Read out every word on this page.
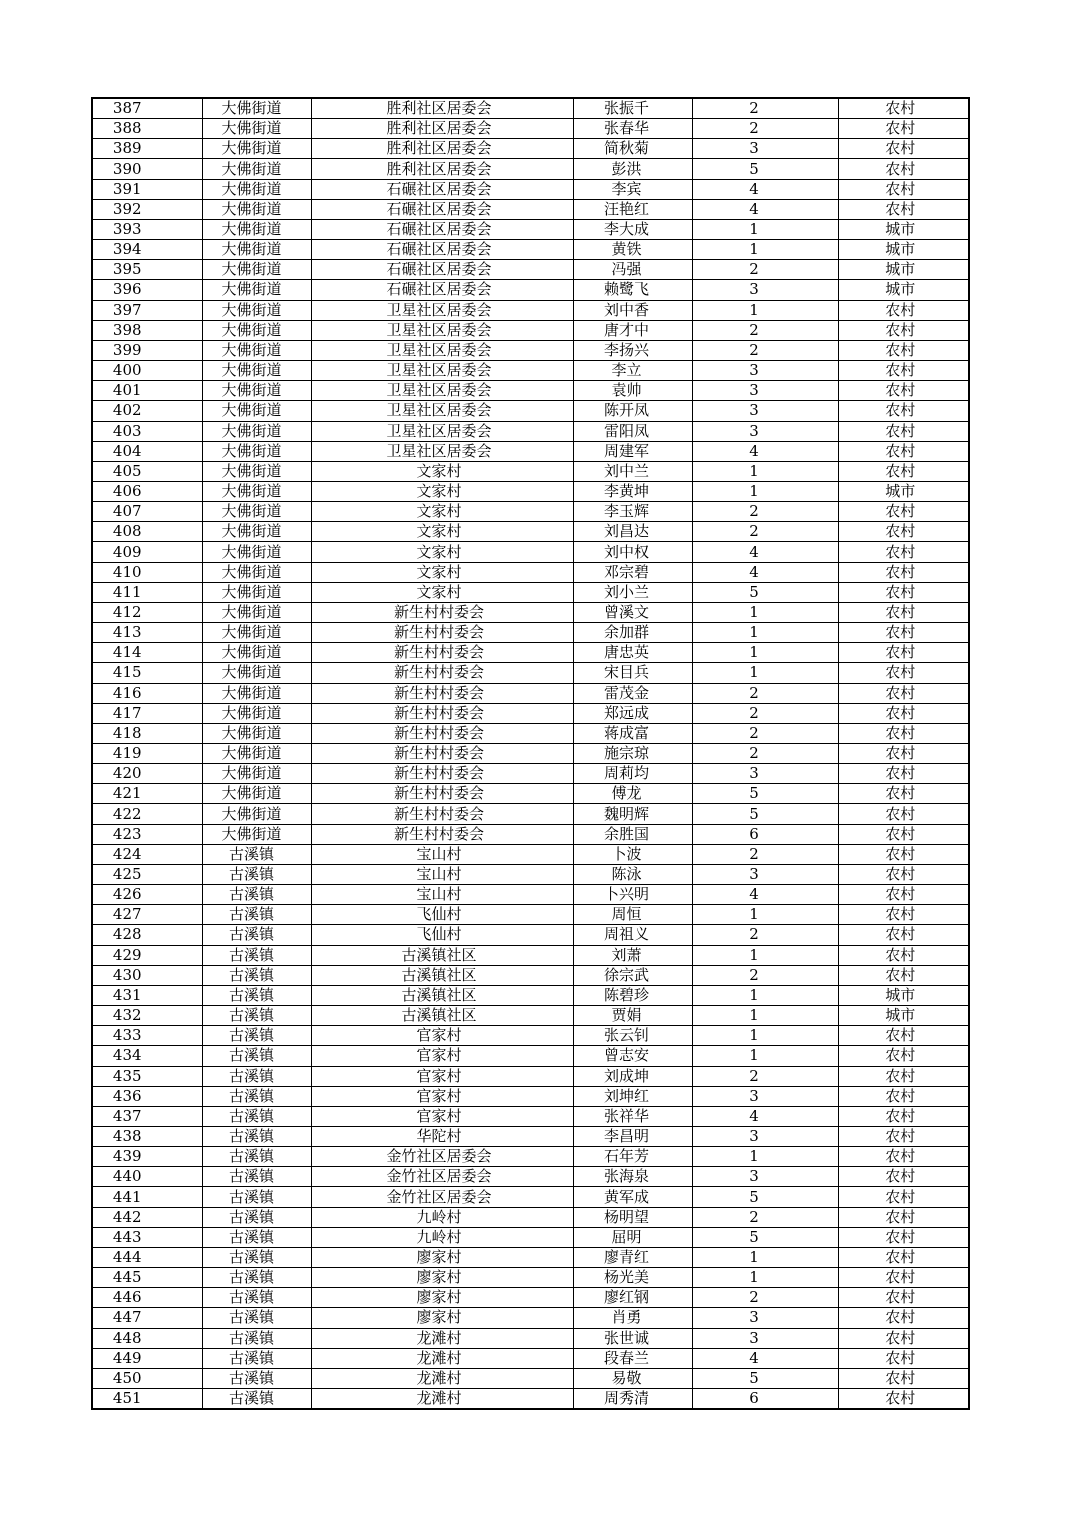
387	大佛街道	胜利社区居委会	张振千	2	农村
388	大佛街道	胜利社区居委会	张春华	2	农村
389	大佛街道	胜利社区居委会	简秋菊	3	农村
390	大佛街道	胜利社区居委会	彭洪	5	农村
391	大佛街道	石碾社区居委会	李宾	4	农村
392	大佛街道	石碾社区居委会	汪艳红	4	农村
393	大佛街道	石碾社区居委会	李大成	1	城市
394	大佛街道	石碾社区居委会	黄铁	1	城市
395	大佛街道	石碾社区居委会	冯强	2	城市
396	大佛街道	石碾社区居委会	赖鹭飞	3	城市
397	大佛街道	卫星社区居委会	刘中香	1	农村
398	大佛街道	卫星社区居委会	唐才中	2	农村
399	大佛街道	卫星社区居委会	李扬兴	2	农村
400	大佛街道	卫星社区居委会	李立	3	农村
401	大佛街道	卫星社区居委会	袁帅	3	农村
402	大佛街道	卫星社区居委会	陈开凤	3	农村
403	大佛街道	卫星社区居委会	雷阳凤	3	农村
404	大佛街道	卫星社区居委会	周建军	4	农村
405	大佛街道	文家村	刘中兰	1	农村
406	大佛街道	文家村	李黄坤	1	城市
407	大佛街道	文家村	李玉辉	2	农村
408	大佛街道	文家村	刘昌达	2	农村
409	大佛街道	文家村	刘中权	4	农村
410	大佛街道	文家村	邓宗碧	4	农村
411	大佛街道	文家村	刘小兰	5	农村
412	大佛街道	新生村村委会	曾溪文	1	农村
413	大佛街道	新生村村委会	余加群	1	农村
414	大佛街道	新生村村委会	唐忠英	1	农村
415	大佛街道	新生村村委会	宋目兵	1	农村
416	大佛街道	新生村村委会	雷茂金	2	农村
417	大佛街道	新生村村委会	郑远成	2	农村
418	大佛街道	新生村村委会	蒋成富	2	农村
419	大佛街道	新生村村委会	施宗琼	2	农村
420	大佛街道	新生村村委会	周莉均	3	农村
421	大佛街道	新生村村委会	傅龙	5	农村
422	大佛街道	新生村村委会	魏明辉	5	农村
423	大佛街道	新生村村委会	余胜国	6	农村
424	古溪镇	宝山村	卜波	2	农村
425	古溪镇	宝山村	陈泳	3	农村
426	古溪镇	宝山村	卜兴明	4	农村
427	古溪镇	飞仙村	周恒	1	农村
428	古溪镇	飞仙村	周祖义	2	农村
429	古溪镇	古溪镇社区	刘萧	1	农村
430	古溪镇	古溪镇社区	徐宗武	2	农村
431	古溪镇	古溪镇社区	陈碧珍	1	城市
432	古溪镇	古溪镇社区	贾娟	1	城市
433	古溪镇	官家村	张云钊	1	农村
434	古溪镇	官家村	曾志安	1	农村
435	古溪镇	官家村	刘成坤	2	农村
436	古溪镇	官家村	刘坤红	3	农村
437	古溪镇	官家村	张祥华	4	农村
438	古溪镇	华陀村	李昌明	3	农村
439	古溪镇	金竹社区居委会	石年芳	1	农村
440	古溪镇	金竹社区居委会	张海泉	3	农村
441	古溪镇	金竹社区居委会	黄军成	5	农村
442	古溪镇	九岭村	杨明望	2	农村
443	古溪镇	九岭村	屈明	5	农村
444	古溪镇	廖家村	廖青红	1	农村
445	古溪镇	廖家村	杨光美	1	农村
446	古溪镇	廖家村	廖红钢	2	农村
447	古溪镇	廖家村	肖勇	3	农村
448	古溪镇	龙滩村	张世诚	3	农村
449	古溪镇	龙滩村	段春兰	4	农村
450	古溪镇	龙滩村	易敬	5	农村
451	古溪镇	龙滩村	周秀清	6	农村
